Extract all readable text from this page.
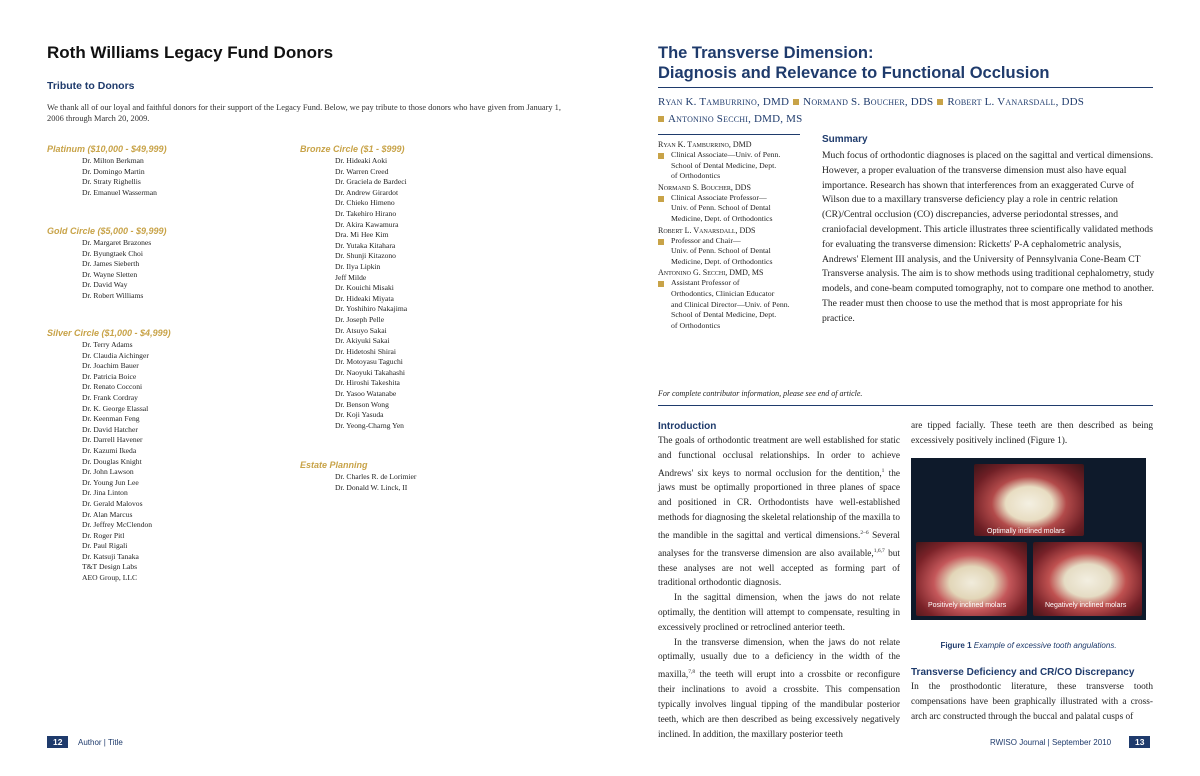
Roth Williams Legacy Fund Donors
Tribute to Donors
We thank all of our loyal and faithful donors for their support of the Legacy Fund. Below, we pay tribute to those donors who have given from January 1, 2006 through March 20, 2009.
Platinum ($10,000 - $49,999)
Dr. Milton Berkman
Dr. Domingo Martin
Dr. Straty Righellis
Dr. Emanuel Wasserman
Gold Circle ($5,000 - $9,999)
Dr. Margaret Brazones
Dr. Byungtaek Choi
Dr. James Sieberth
Dr. Wayne Sletten
Dr. David Way
Dr. Robert Williams
Silver Circle ($1,000 - $4,999)
Dr. Terry Adams
Dr. Claudia Aichinger
Dr. Joachim Bauer
Dr. Patricia Boice
Dr. Renato Cocconi
Dr. Frank Cordray
Dr. K. George Elassal
Dr. Keenman Feng
Dr. David Hatcher
Dr. Darrell Havener
Dr. Kazumi Ikeda
Dr. Douglas Knight
Dr. John Lawson
Dr. Young Jun Lee
Dr. Jina Linton
Dr. Gerald Malovos
Dr. Alan Marcus
Dr. Jeffrey McClendon
Dr. Roger Pitl
Dr. Paul Rigali
Dr. Katsuji Tanaka
T&T Design Labs
AEO Group, LLC
Bronze Circle ($1 - $999)
Dr. Hideaki Aoki
Dr. Warren Creed
Dr. Graciela de Bardeci
Dr. Andrew Girardot
Dr. Chieko Himeno
Dr. Takehiro Hirano
Dr. Akira Kawamura
Dra. Mi Hee Kim
Dr. Yutaka Kitahara
Dr. Shunji Kitazono
Dr. Ilya Lipkin
Jeff Milde
Dr. Kouichi Misaki
Dr. Hideaki Miyata
Dr. Yoshihiro Nakajima
Dr. Joseph Pelle
Dr. Atsuyo Sakai
Dr. Akiyuki Sakai
Dr. Hidetoshi Shirai
Dr. Motoyasu Taguchi
Dr. Naoyuki Takahashi
Dr. Hiroshi Takeshita
Dr. Yasoo Watanabe
Dr. Benson Wong
Dr. Koji Yasuda
Dr. Yeong-Charng Yen
Estate Planning
Dr. Charles R. de Lorimier
Dr. Donald W. Linck, II
12	Author | Title
The Transverse Dimension:
Diagnosis and Relevance to Functional Occlusion
Ryan K. Tamburrino, DMD Normand S. Boucher, DDS Robert L. Vanarsdall, DDS
Antonino Secchi, DMD, MS
Ryan K. Tamburrino, DMD
Clinical Associate—Univ. of Penn.
School of Dental Medicine, Dept.
of Orthodontics
Normand S. Boucher, DDS
Clinical Associate Professor—
Univ. of Penn. School of Dental
Medicine, Dept. of Orthodontics
Robert L. Vanarsdall, DDS
Professor and Chair—
Univ. of Penn. School of Dental
Medicine, Dept. of Orthodontics
Antonino G. Secchi, DMD, MS
Assistant Professor of
Orthodontics, Clinician Educator
and Clinical Director—Univ. of Penn.
School of Dental Medicine, Dept.
of Orthodontics
For complete contributor information, please see end of article.
Summary
Much focus of orthodontic diagnoses is placed on the sagittal and vertical dimensions. However, a proper evaluation of the transverse dimension must also have equal importance. Research has shown that interferences from an exaggerated Curve of Wilson due to a maxillary transverse deficiency play a role in centric relation (CR)/Central occlusion (CO) discrepancies, adverse periodontal stresses, and craniofacial development. This article illustrates three scientifically validated methods for evaluating the transverse dimension: Ricketts' P-A cephalometric analysis, Andrews' Element III analysis, and the University of Pennsylvania Cone-Beam CT Transverse analysis. The aim is to show methods using traditional cephalometry, study models, and cone-beam computed tomography, not to compare one method to another. The reader must then choose to use the method that is most appropriate for his practice.
Introduction

The goals of orthodontic treatment are well established for static and functional occlusal relationships. In order to achieve Andrews' six keys to normal occlusion for the dentition,$^1$ the jaws must be optimally proportioned in three planes of space and positioned in CR. Orthodontists have well-established methods for diagnosing the skeletal relationship of the maxilla to the mandible in the sagittal and vertical dimensions.$^{2-6}$ Several analyses for the transverse dimension are also available,$^{1,6,7}$ but these analyses are not well accepted as forming part of traditional orthodontic diagnosis.

In the sagittal dimension, when the jaws do not relate optimally, the dentition will attempt to compensate, resulting in excessively proclined or retroclined anterior teeth.

In the transverse dimension, when the jaws do not relate optimally, usually due to a deficiency in the width of the maxilla,$^{7,8}$ the teeth will erupt into a crossbite or reconfigure their inclinations to avoid a crossbite. This compensation typically involves lingual tipping of the mandibular posterior teeth, which are then described as being excessively negatively inclined. In addition, the maxillary posterior teeth

are tipped facially. These teeth are then described as being excessively positively inclined (Figure 1).
Optimally inclined molars
Positively inclined molars	Negatively inclined molars
Figure 1 Example of excessive tooth angulations.
Transverse Deficiency and CR/CO Discrepancy
In the prosthodontic literature, these transverse tooth compensations have been graphically illustrated with a cross-arch arc constructed through the buccal and palatal cusps of
RWISO Journal | September 2010	13
